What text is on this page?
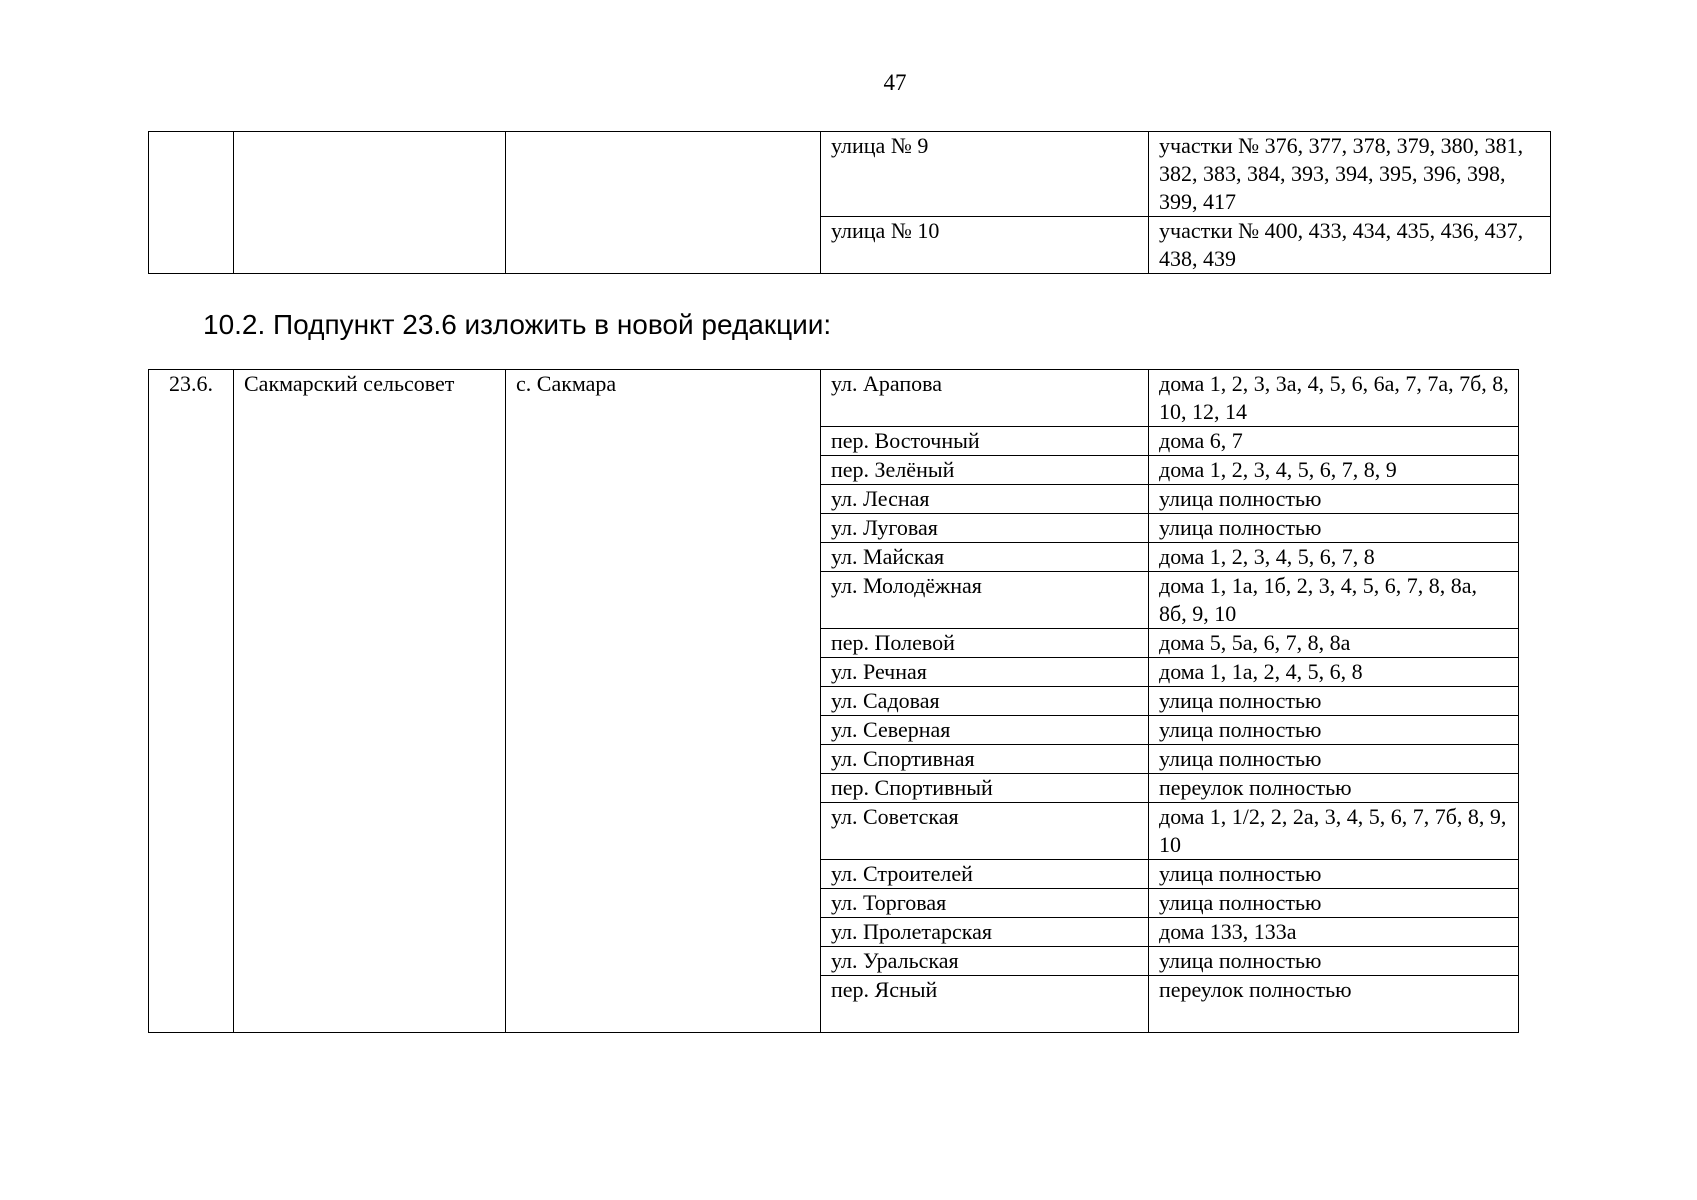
47
			улица № 9	участки № 376, 377, 378, 379, 380, 381, 382, 383, 384, 393, 394, 395, 396, 398, 399, 417
			улица № 10	участки № 400, 433, 434, 435, 436, 437, 438, 439
10.2. Подпункт 23.6 изложить в новой редакции:
23.6.	Сакмарский сельсовет	с. Сакмара	ул. Арапова	дома 1, 2, 3, 3а, 4, 5, 6, 6а, 7, 7а, 7б, 8, 10, 12, 14
			пер. Восточный	дома 6, 7
			пер. Зелёный	дома 1, 2, 3, 4, 5, 6, 7, 8, 9
			ул. Лесная	улица полностью
			ул. Луговая	улица полностью
			ул. Майская	дома 1, 2, 3, 4, 5, 6, 7, 8
			ул. Молодёжная	дома 1, 1а, 1б, 2, 3, 4, 5, 6, 7, 8, 8а, 8б, 9, 10
			пер. Полевой	дома 5, 5а, 6, 7, 8, 8а
			ул. Речная	дома 1, 1а, 2, 4, 5, 6, 8
			ул. Садовая	улица полностью
			ул. Северная	улица полностью
			ул. Спортивная	улица полностью
			пер. Спортивный	переулок полностью
			ул. Советская	дома 1, 1/2, 2, 2а, 3, 4, 5, 6, 7, 7б, 8, 9, 10
			ул. Строителей	улица полностью
			ул. Торговая	улица полностью
			ул. Пролетарская	дома 133, 133а
			ул. Уральская	улица полностью
			пер. Ясный	переулок полностью
